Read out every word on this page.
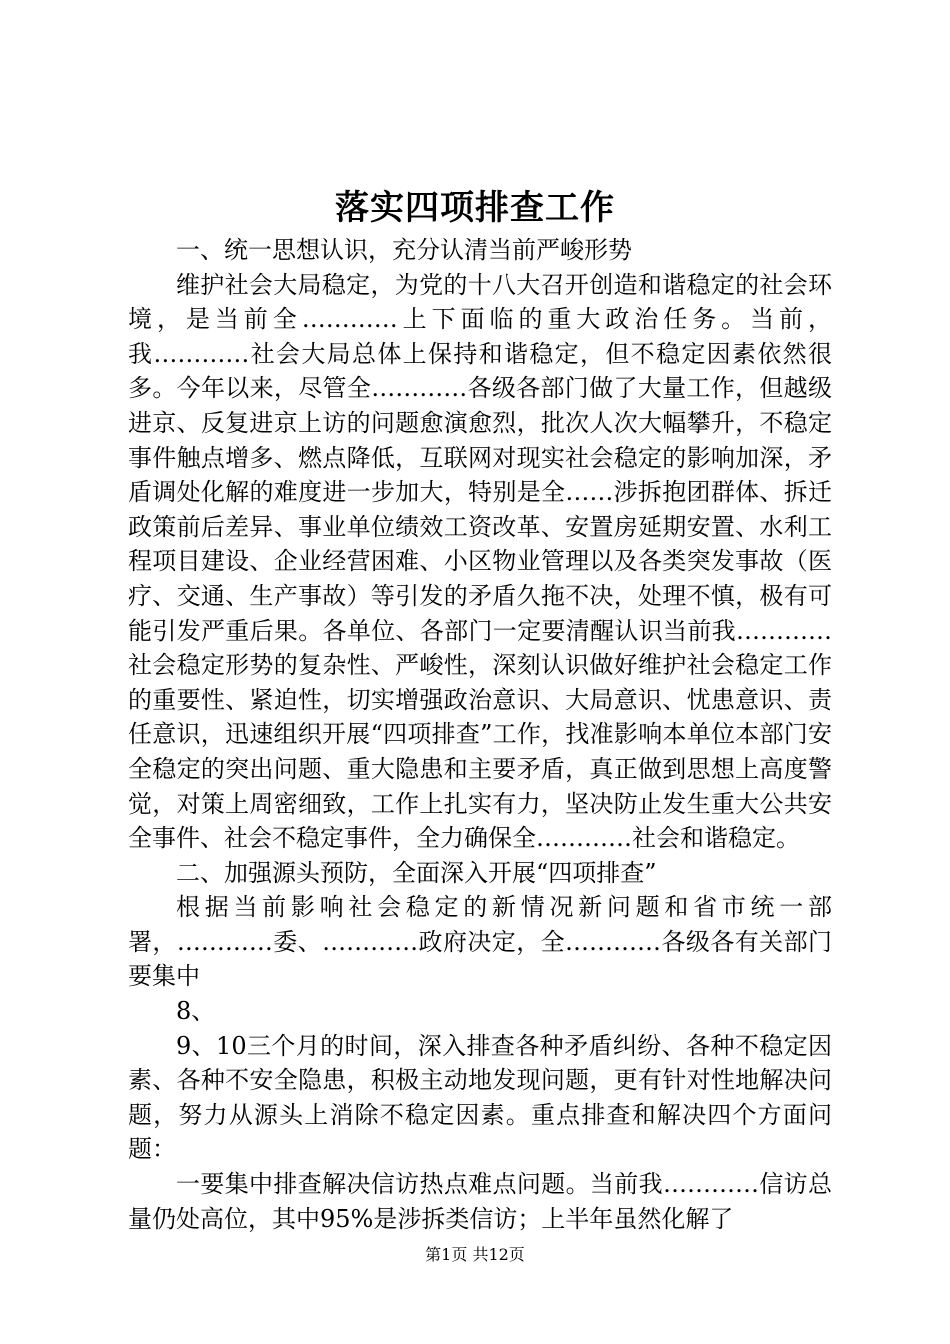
落实四项排查工作

一、统一思想认识，充分认清当前严峻形势

维护社会大局稳定，为党的十八大召开创造和谐稳定的社会环境，是当前全…………上下面临的重大政治任务。当前，我…………社会大局总体上保持和谐稳定，但不稳定因素依然很多。今年以来，尽管全…………各级各部门做了大量工作，但越级进京、反复进京上访的问题愈演愈烈，批次人次大幅攀升，不稳定事件触点增多、燃点降低，互联网对现实社会稳定的影响加深，矛盾调处化解的难度进一步加大，特别是全……涉拆抱团群体、拆迁政策前后差异、事业单位绩效工资改革、安置房延期安置、水利工程项目建设、企业经营困难、小区物业管理以及各类突发事故（医疗、交通、生产事故）等引发的矛盾久拖不决，处理不慎，极有可能引发严重后果。各单位、各部门一定要清醒认识当前我…………社会稳定形势的复杂性、严峻性，深刻认识做好维护社会稳定工作的重要性、紧迫性，切实增强政治意识、大局意识、忧患意识、责任意识，迅速组织开展“四项排查”工作，找准影响本单位本部门安全稳定的突出问题、重大隐患和主要矛盾，真正做到思想上高度警觉，对策上周密细致，工作上扎实有力，坚决防止发生重大公共安全事件、社会不稳定事件，全力确保全…………社会和谐稳定。

二、加强源头预防，全面深入开展“四项排查”

根据当前影响社会稳定的新情况新问题和省市统一部署，…………委、…………政府决定，全…………各级各有关部门要集中

8、

9、10三个月的时间，深入排查各种矛盾纠纷、各种不稳定因素、各种不安全隐患，积极主动地发现问题，更有针对性地解决问题，努力从源头上消除不稳定因素。重点排查和解决四个方面问题：

一要集中排查解决信访热点难点问题。当前我…………信访总量仍处高位，其中95%是涉拆类信访；上半年虽然化解了

第1页 共12页
